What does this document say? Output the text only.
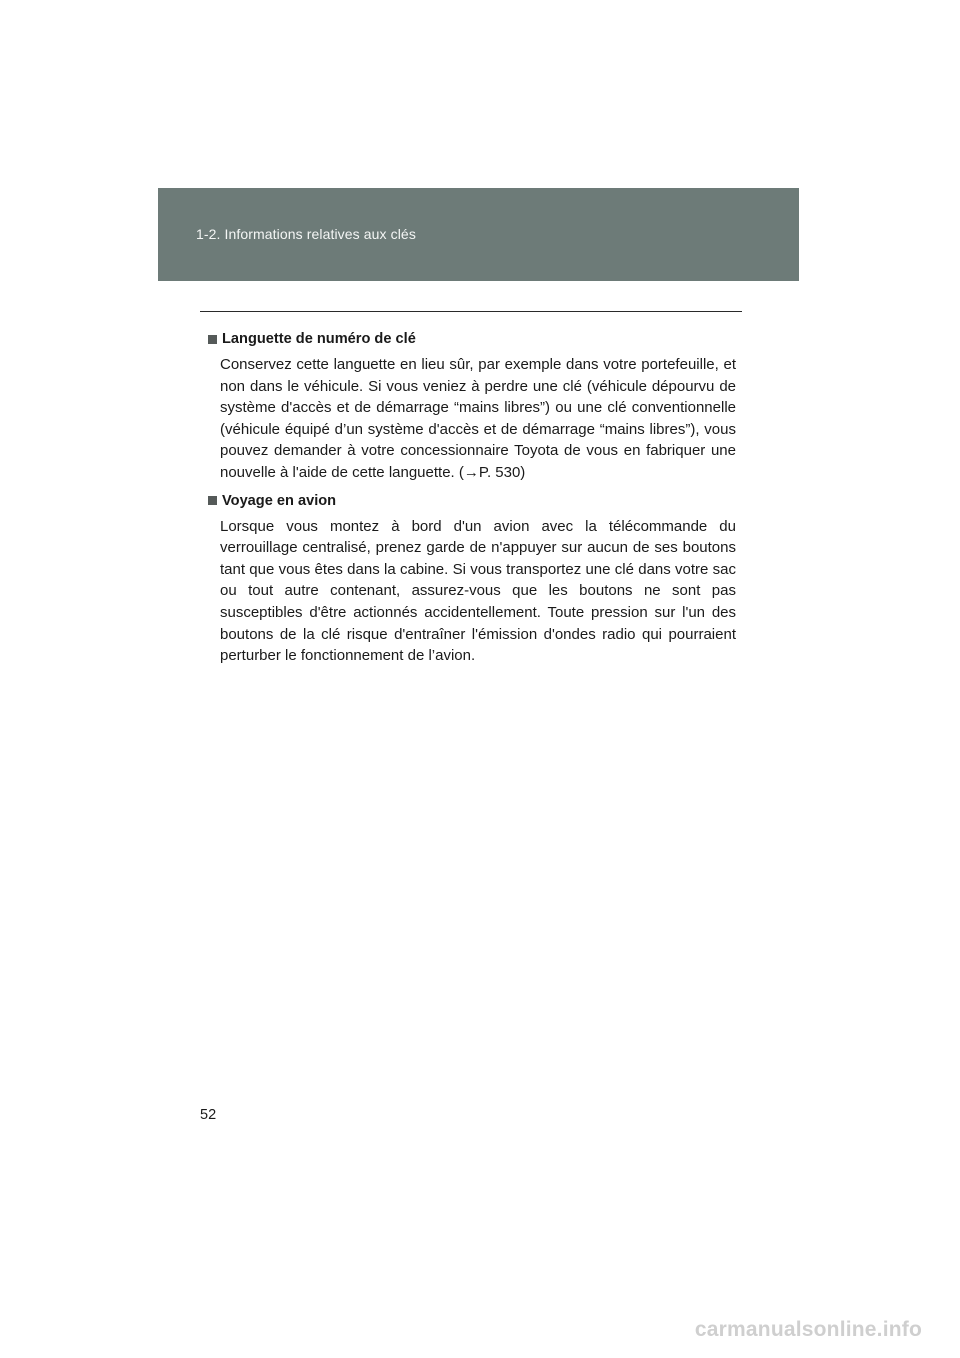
1-2. Informations relatives aux clés
Languette de numéro de clé
Conservez cette languette en lieu sûr, par exemple dans votre portefeuille, et non dans le véhicule. Si vous veniez à perdre une clé (véhicule dépourvu de système d'accès et de démarrage “mains libres”) ou une clé conventionnelle (véhicule équipé d’un système d'accès et de démarrage “mains libres”), vous pouvez demander à votre concessionnaire Toyota de vous en fabriquer une nouvelle à l'aide de cette languette. (→P. 530)
Voyage en avion
Lorsque vous montez à bord d'un avion avec la télécommande du verrouillage centralisé, prenez garde de n'appuyer sur aucun de ses boutons tant que vous êtes dans la cabine. Si vous transportez une clé dans votre sac ou tout autre contenant, assurez-vous que les boutons ne sont pas susceptibles d'être actionnés accidentellement. Toute pression sur l'un des boutons de la clé risque d'entraîner l'émission d'ondes radio qui pourraient perturber le fonctionnement de l’avion.
52
carmanualsonline.info
